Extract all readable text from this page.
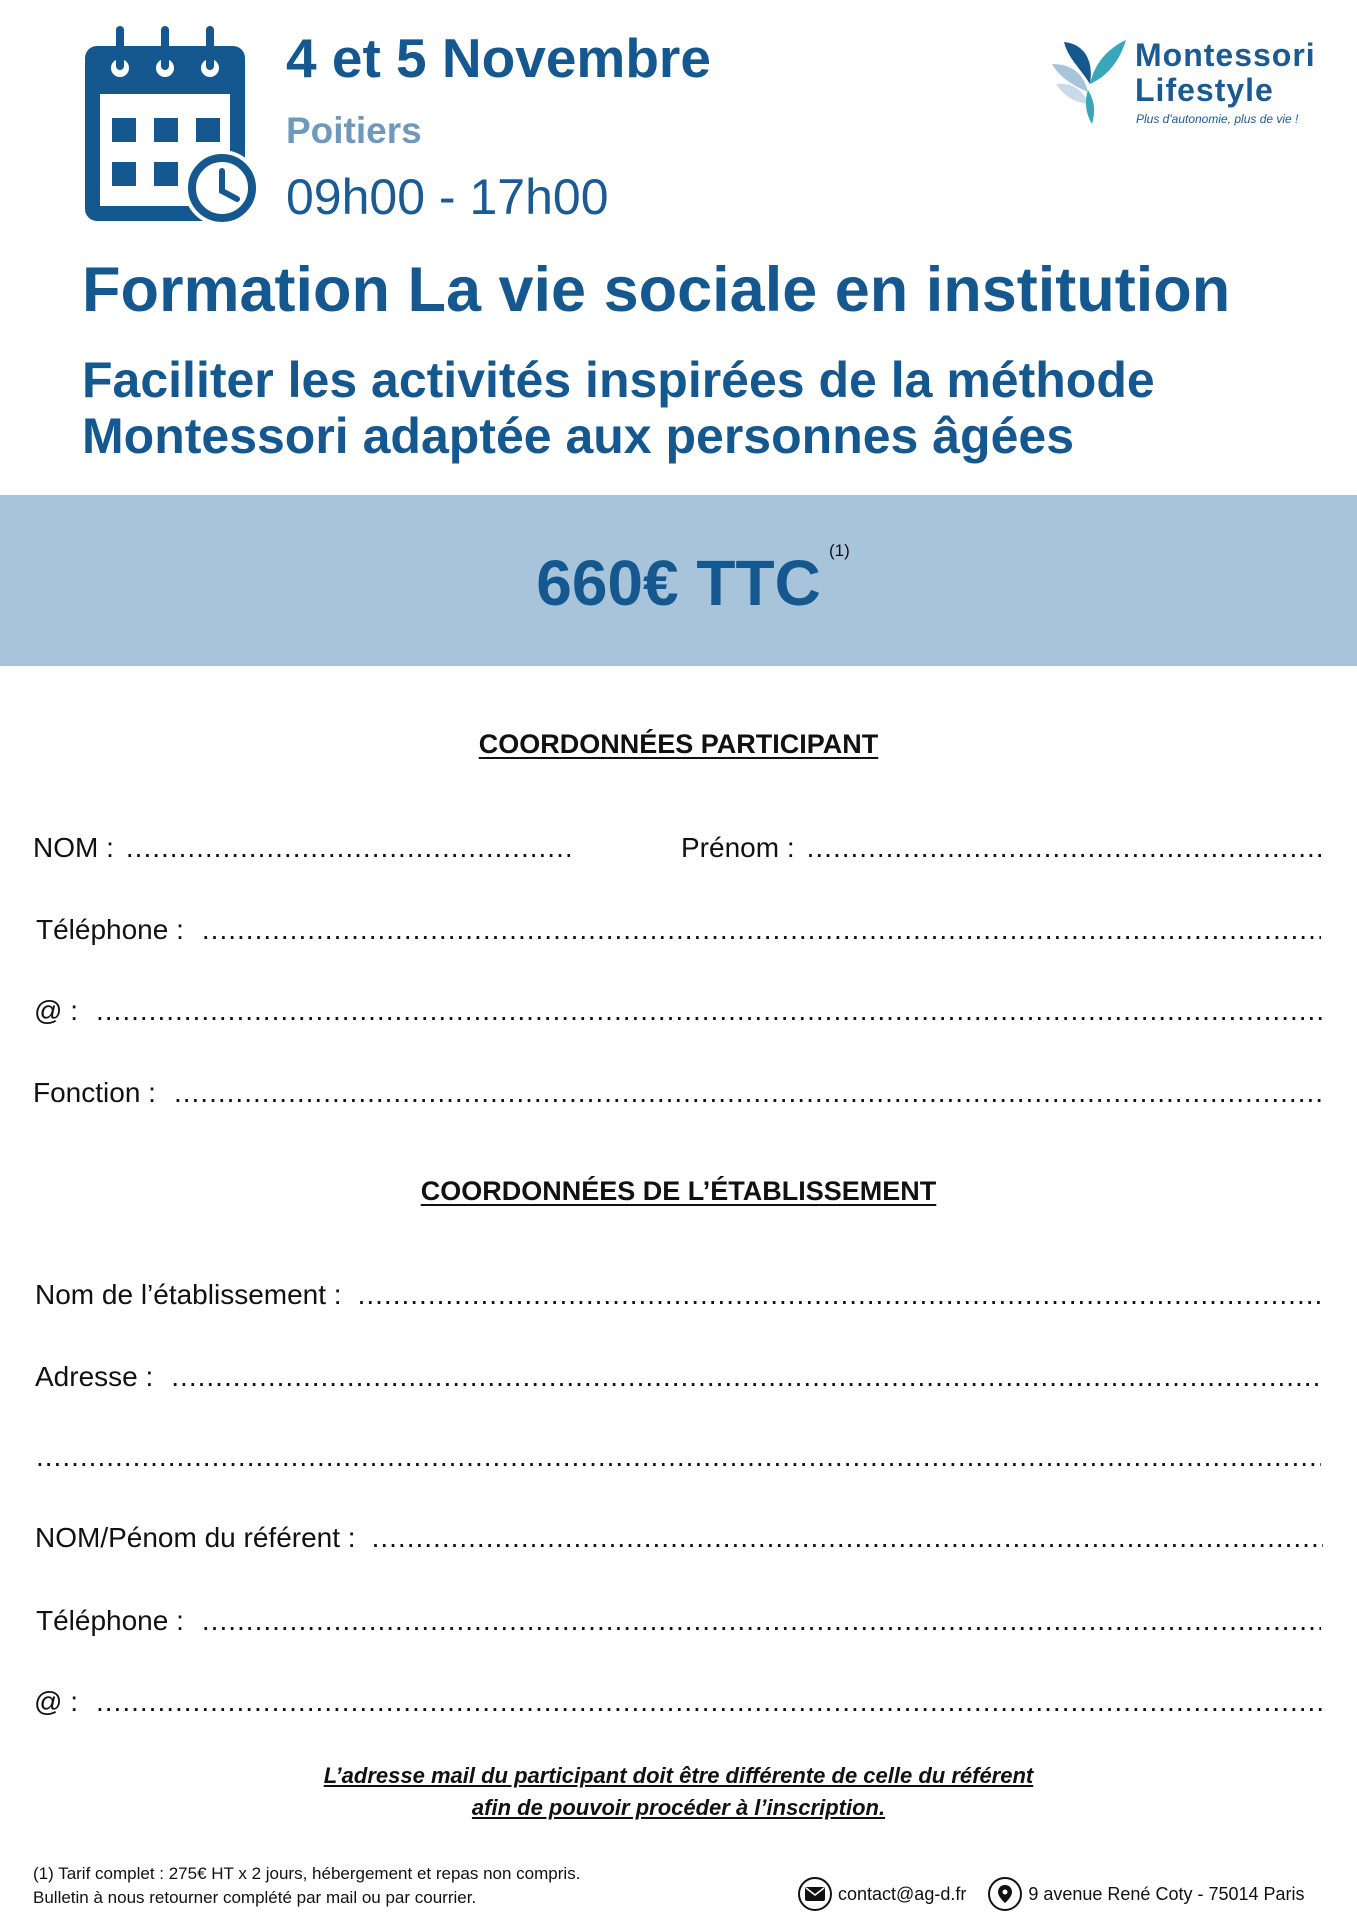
4 et 5 Novembre
Poitiers
09h00 - 17h00
Montessori
Lifestyle
Plus d'autonomie, plus de vie !
Formation La vie sociale en institution
Faciliter les activités inspirées de la méthode
Montessori adaptée aux personnes âgées
660€ TTC (1)
COORDONNÉES PARTICIPANT
NOM :
.....	Prénom :
.....
Téléphone :
.....
@ :
.....
Fonction :
.....
COORDONNÉES DE L’ÉTABLISSEMENT
Nom de l’établissement :
.....
Adresse :
.....
.....
NOM/Pénom du référent :
.....
Téléphone :
.....
@ :
.....
L’adresse mail du participant doit être différente de celle du référent
afin de pouvoir procéder à l’inscription.
(1) Tarif complet : 275€ HT x 2 jours, hébergement et repas non compris.
Bulletin à nous retourner complété par mail ou par courrier.	contact@ag-d.fr	9 avenue René Coty - 75014 Paris
